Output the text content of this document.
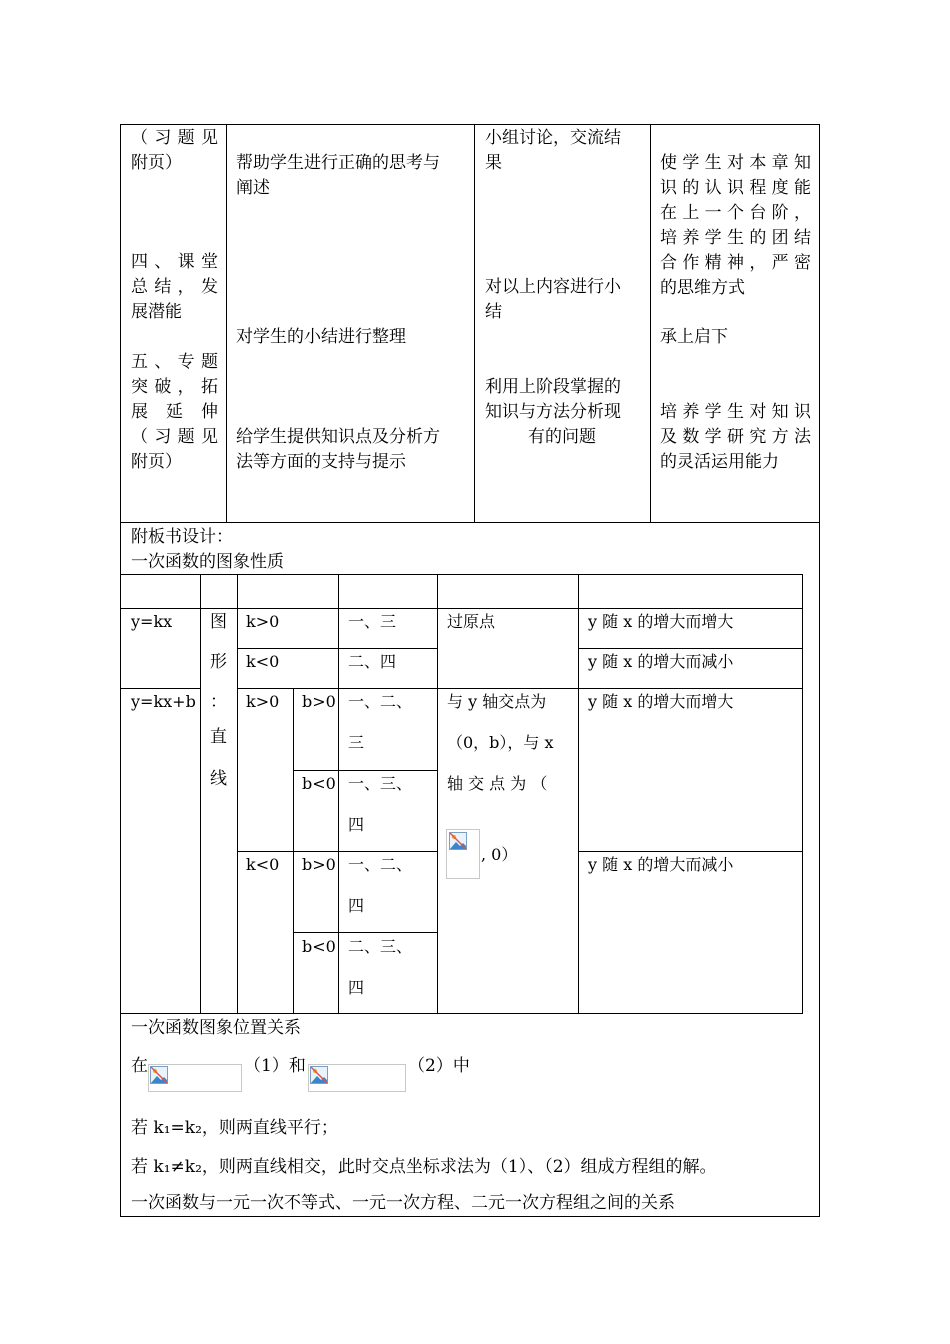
（习题见
附页）
四、课堂
总结，发
展潜能
五、专题
突破，拓
展 延 伸
（习题见
附页）
帮助学生进行正确的思考与
阐述
对学生的小结进行整理
给学生提供知识点及分析方
法等方面的支持与提示
小组讨论，交流结
果
对以上内容进行小
结
利用上阶段掌握的
知识与方法分析现
有的问题
使学生对本章知
识的认识程度能
在上一个台阶，
培养学生的团结
合作精神，严密
的思维方式
承上启下
培养学生对知识
及数学研究方法
的灵活运用能力
附板书设计：
一次函数的图象性质
y=kx
y=kx+b
图
形
：
直
线
k>0
k<0
k>0
k<0
b>0
b<0
b>0
b<0
一、三
二、四
一、二、
三
一、三、
四
一、二、
四
二、三、
四
过原点
与 y 轴交点为
（0，b），与 x
轴 交 点 为 （
, 0）
y 随 x 的增大而增大
y 随 x 的增大而减小
y 随 x 的增大而增大
y 随 x 的增大而减小
一次函数图象位置关系
在	（1）和	（2）中
若 k₁=k₂，则两直线平行；
若 k₁≠k₂，则两直线相交，此时交点坐标求法为（1）、（2）组成方程组的解。
一次函数与一元一次不等式、一元一次方程、二元一次方程组之间的关系
